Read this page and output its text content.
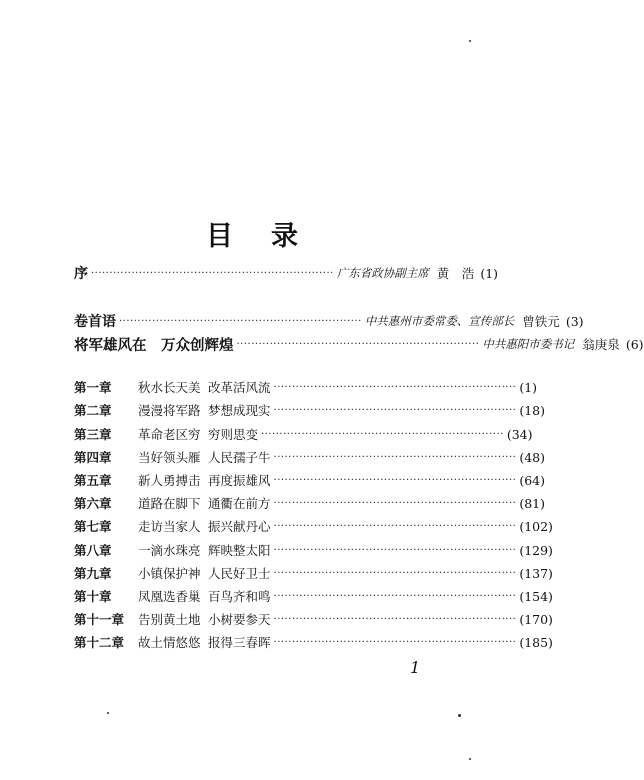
目录
序 ·································································· 广东省政协副主席 黄　浩 (1)
卷首语 ·································································· 中共惠州市委常委、宣传部长 曾铁元 (3)
将军雄风在　万众创辉煌 ·································································· 中共惠阳市委书记 翁庚泉 (6)
第一章	秋水长天美 改革活风流 ·································································· (1)
第二章	漫漫将军路 梦想成现实 ·································································· (18)
第三章	革命老区穷 穷则思变 ·································································· (34)
第四章	当好领头雁 人民孺子牛 ·································································· (48)
第五章	新人勇搏击 再度振雄风 ·································································· (64)
第六章	道路在脚下 通衢在前方 ·································································· (81)
第七章	走访当家人 振兴献丹心 ·································································· (102)
第八章	一滴水珠亮 辉映整太阳 ·································································· (129)
第九章	小镇保护神 人民好卫士 ·································································· (137)
第十章	凤凰选香巢 百鸟齐和鸣 ·································································· (154)
第十一章	告别黄土地 小树要参天 ·································································· (170)
第十二章	故土情悠悠 报得三春晖 ·································································· (185)
1
